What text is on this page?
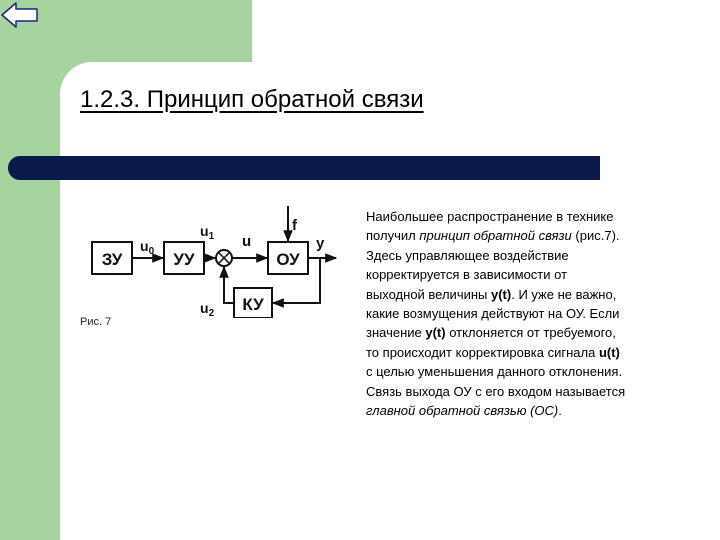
1.2.3. Принцип обратной связи
ЗУ	УУ	ОУ
КУ
$u_0$
$u_1$ u
f
y
$u_2$
Рис. 7
Наибольшее распространение в технике
получил принцип обратной связи (рис.7).
Здесь управляющее воздействие
корректируется в зависимости от
выходной величины y(t). И уже не важно,
какие возмущения действуют на ОУ. Если
значение y(t) отклоняется от требуемого,
то происходит корректировка сигнала u(t)
с целью уменьшения данного отклонения.
Связь выхода ОУ с его входом называется
главной обратной связью (ОС).
